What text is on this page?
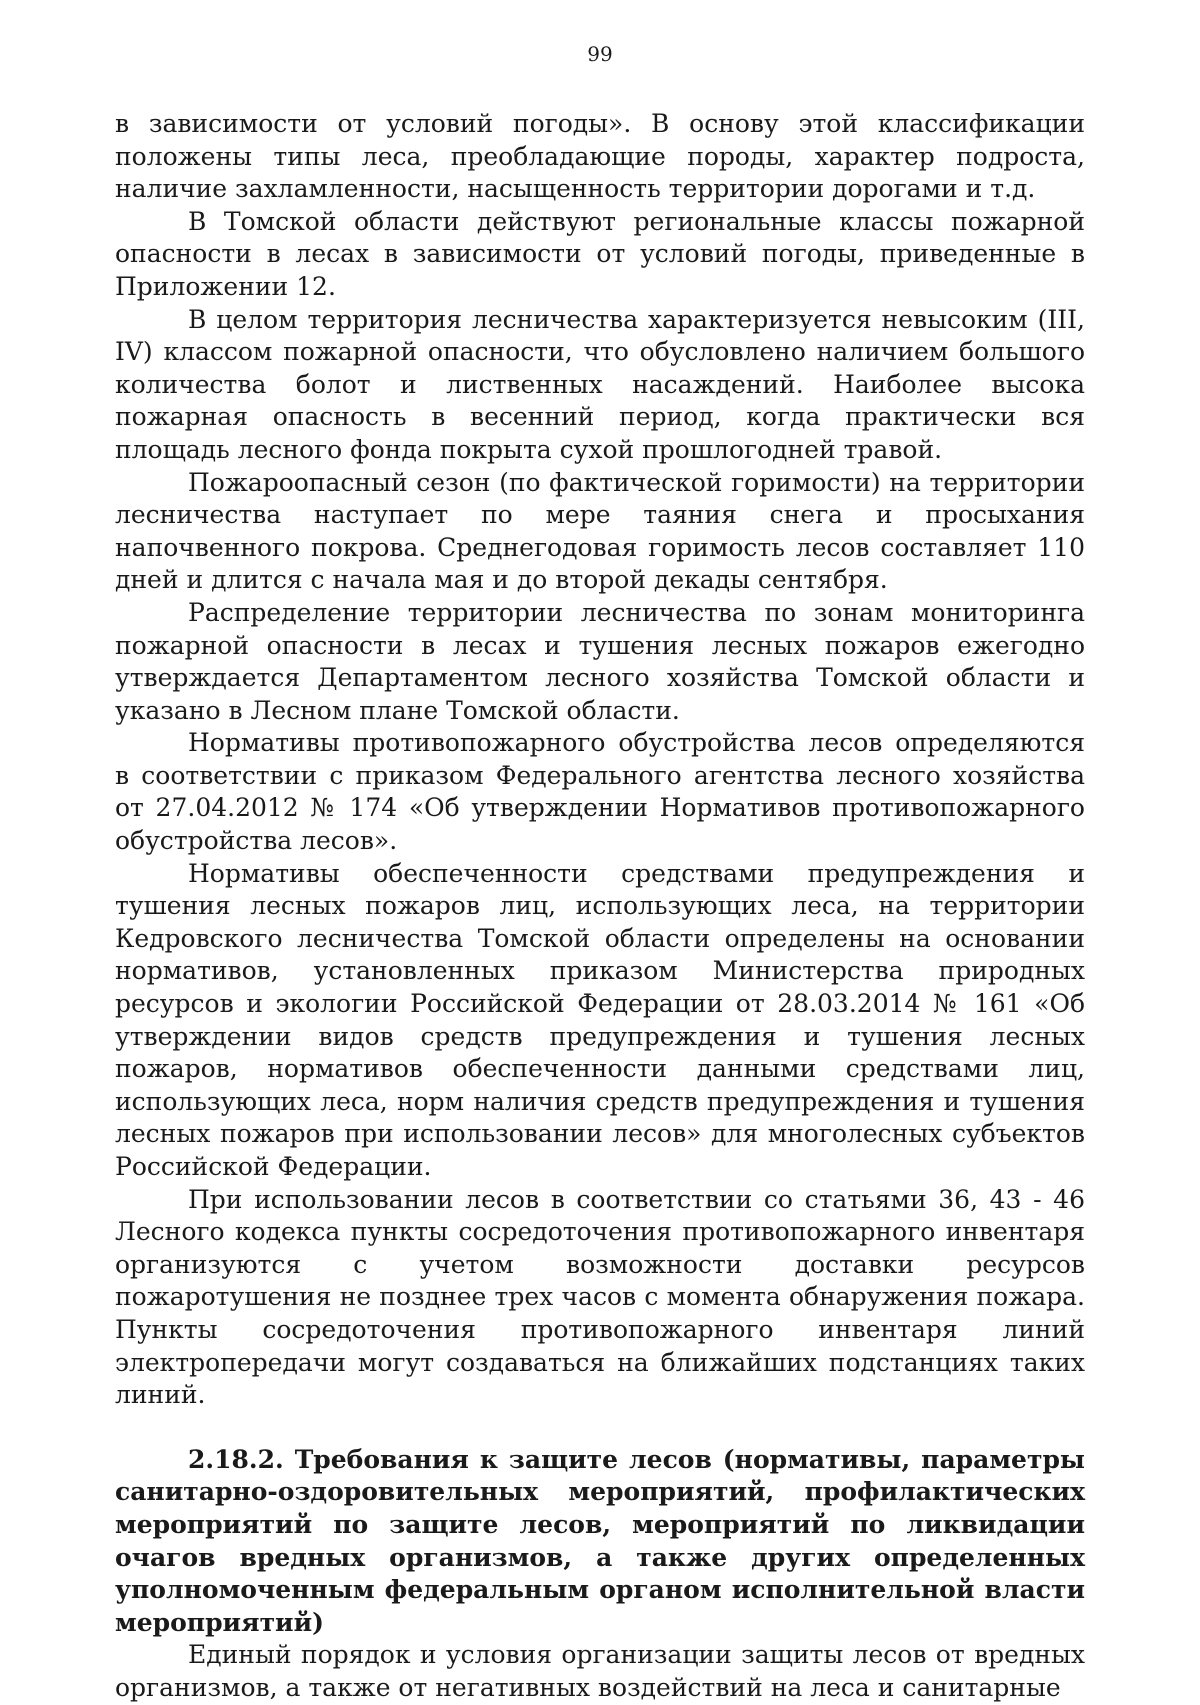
99

в зависимости от условий погоды». В основу этой классификации положены типы леса, преобладающие породы, характер подроста, наличие захламленности, насыщенность территории дорогами и т.д.

В Томской области действуют региональные классы пожарной опасности в лесах в зависимости от условий погоды, приведенные в Приложении 12.

В целом территория лесничества характеризуется невысоким (III, IV) классом пожарной опасности, что обусловлено наличием большого количества болот и лиственных насаждений. Наиболее высока пожарная опасность в весенний период, когда практически вся площадь лесного фонда покрыта сухой прошлогодней травой.

Пожароопасный сезон (по фактической горимости) на территории лесничества наступает по мере таяния снега и просыхания напочвенного покрова. Среднегодовая горимость лесов составляет 110 дней и длится с начала мая и до второй декады сентября.

Распределение территории лесничества по зонам мониторинга пожарной опасности в лесах и тушения лесных пожаров ежегодно утверждается Департаментом лесного хозяйства Томской области и указано в Лесном плане Томской области.

Нормативы противопожарного обустройства лесов определяются в соответствии с приказом Федерального агентства лесного хозяйства от 27.04.2012 № 174 «Об утверждении Нормативов противопожарного обустройства лесов».

Нормативы обеспеченности средствами предупреждения и тушения лесных пожаров лиц, использующих леса, на территории Кедровского лесничества Томской области определены на основании нормативов, установленных приказом Министерства природных ресурсов и экологии Российской Федерации от 28.03.2014 № 161 «Об утверждении видов средств предупреждения и тушения лесных пожаров, нормативов обеспеченности данными средствами лиц, использующих леса, норм наличия средств предупреждения и тушения лесных пожаров при использовании лесов» для многолесных субъектов Российской Федерации.

При использовании лесов в соответствии со статьями 36, 43 - 46 Лесного кодекса пункты сосредоточения противопожарного инвентаря организуются с учетом возможности доставки ресурсов пожаротушения не позднее трех часов с момента обнаружения пожара. Пункты сосредоточения противопожарного инвентаря линий электропередачи могут создаваться на ближайших подстанциях таких линий.

2.18.2. Требования к защите лесов (нормативы, параметры санитарно-оздоровительных мероприятий, профилактических мероприятий по защите лесов, мероприятий по ликвидации очагов вредных организмов, а также других определенных уполномоченным федеральным органом исполнительной власти мероприятий)

Единый порядок и условия организации защиты лесов от вредных организмов, а также от негативных воздействий на леса и санитарные
